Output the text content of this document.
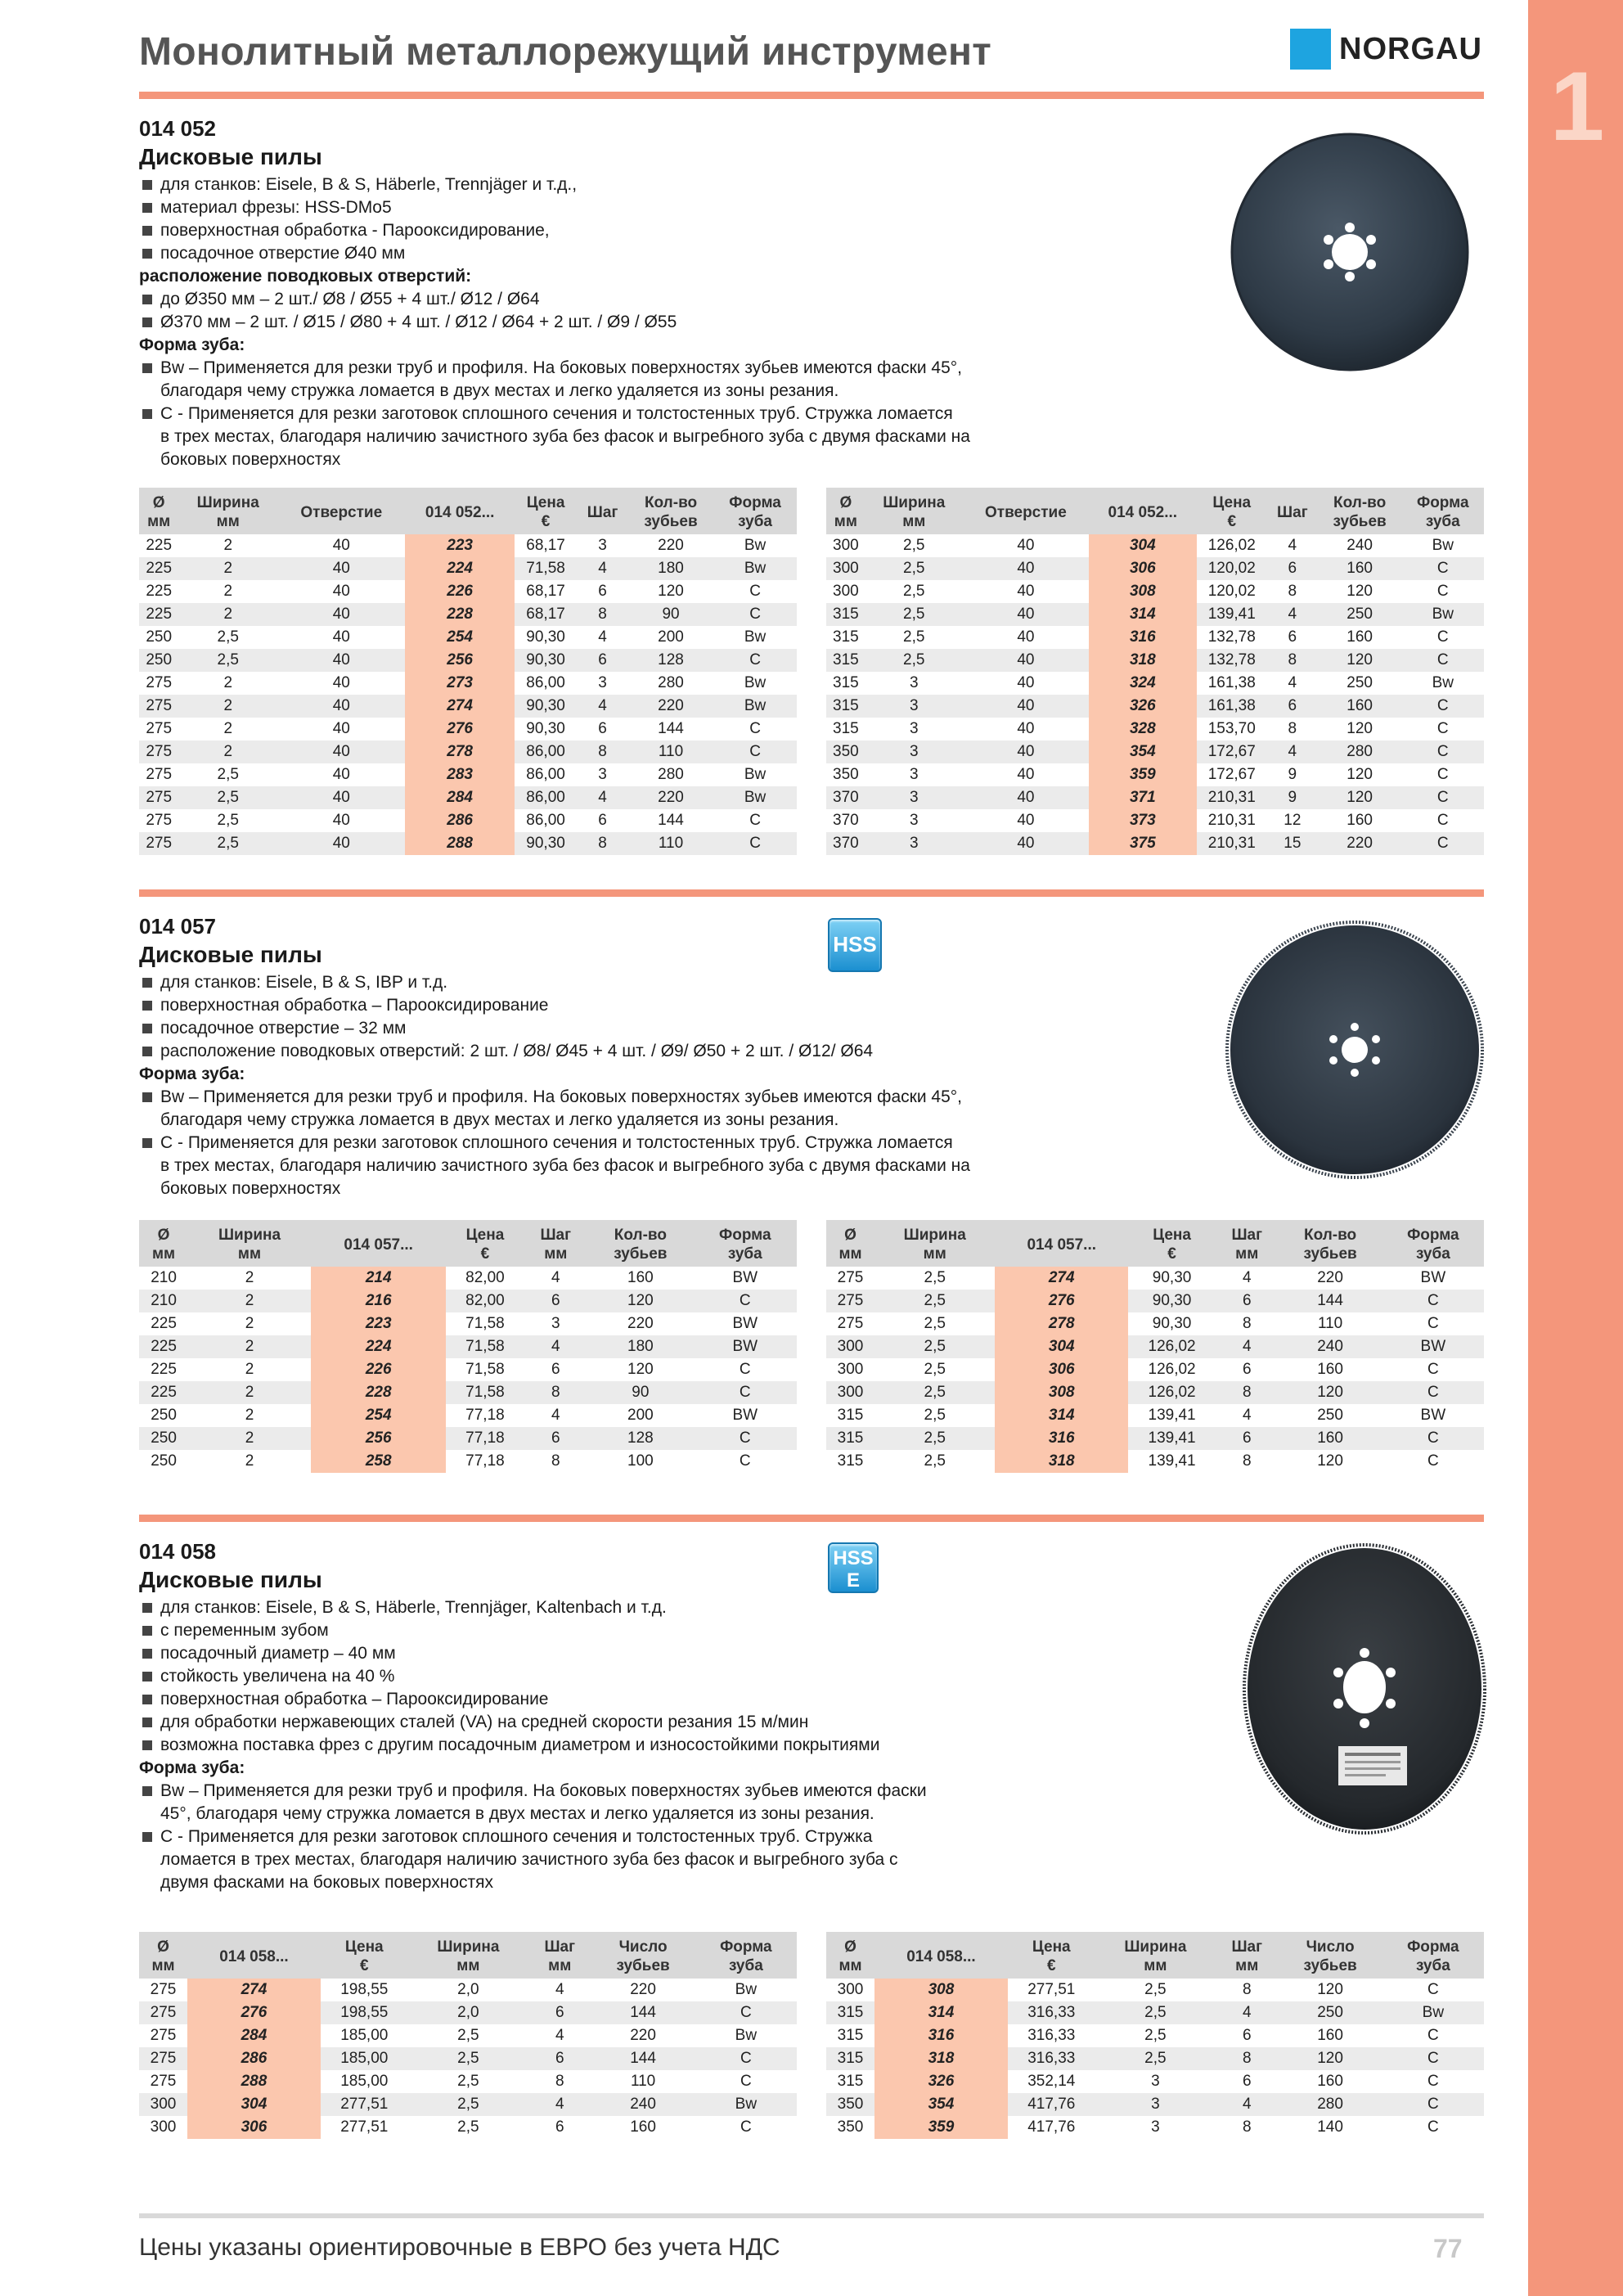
1
Монолитный металлорежущий инструмент	NORGAU

014 052

Дисковые пилы

для станков: Eisele, B & S, Häberle, Trennjäger и т.д.,

материал фрезы: HSS-DMo5

поверхностная обработка - Парооксидирование,

посадочное отверстие Ø40 мм

расположение поводковых отверстий:

до Ø350 мм – 2 шт./ Ø8 / Ø55 + 4 шт./ Ø12 / Ø64

Ø370 мм – 2 шт. / Ø15 / Ø80 + 4 шт. / Ø12 / Ø64 + 2 шт. / Ø9 / Ø55

Форма зуба:

Bw – Применяется для резки труб и профиля. На боковых поверхностях зубьев имеются фаски 45°,

благодаря чему стружка ломается в двух местах и легко удаляется из зоны резания.

C - Применяется для резки заготовок сплошного сечения и толстостенных труб. Стружка ломается

в трех местах, благодаря наличию зачистного зуба без фасок и выгребного зуба с двумя фасками на

боковых поверхностях

Ø
мм	Ширина
мм	Отверстие	014 052...	Цена
€	Шаг	Кол-во
зубьев	Форма
зуба
225	2	40	223	68,17	3	220	Bw
225	2	40	224	71,58	4	180	Bw
225	2	40	226	68,17	6	120	C
225	2	40	228	68,17	8	90	C
250	2,5	40	254	90,30	4	200	Bw
250	2,5	40	256	90,30	6	128	C
275	2	40	273	86,00	3	280	Bw
275	2	40	274	90,30	4	220	Bw
275	2	40	276	90,30	6	144	C
275	2	40	278	86,00	8	110	C
275	2,5	40	283	86,00	3	280	Bw
275	2,5	40	284	86,00	4	220	Bw
275	2,5	40	286	86,00	6	144	C
275	2,5	40	288	90,30	8	110	C
Ø
мм	Ширина
мм	Отверстие	014 052...	Цена
€	Шаг	Кол-во
зубьев	Форма
зуба
300	2,5	40	304	126,02	4	240	Bw
300	2,5	40	306	120,02	6	160	C
300	2,5	40	308	120,02	8	120	C
315	2,5	40	314	139,41	4	250	Bw
315	2,5	40	316	132,78	6	160	C
315	2,5	40	318	132,78	8	120	C
315	3	40	324	161,38	4	250	Bw
315	3	40	326	161,38	6	160	C
315	3	40	328	153,70	8	120	C
350	3	40	354	172,67	4	280	C
350	3	40	359	172,67	9	120	C
370	3	40	371	210,31	9	120	C
370	3	40	373	210,31	12	160	C
370	3	40	375	210,31	15	220	C

014 057

Дисковые пилы

для станков: Eisele, B & S, IBP и т.д.

поверхностная обработка – Парооксидирование

посадочное отверстие – 32 мм

расположение поводковых отверстий: 2 шт. / Ø8/ Ø45 + 4 шт. / Ø9/ Ø50 + 2 шт. / Ø12/ Ø64

Форма зуба:

Bw – Применяется для резки труб и профиля. На боковых поверхностях зубьев имеются фаски 45°,

благодаря чему стружка ломается в двух местах и легко удаляется из зоны резания.

C - Применяется для резки заготовок сплошного сечения и толстостенных труб. Стружка ломается

в трех местах, благодаря наличию зачистного зуба без фасок и выгребного зуба с двумя фасками на

боковых поверхностях

HSS
Ø
мм	Ширина
мм	014 057...	Цена
€	Шаг
мм	Кол-во
зубьев	Форма
зуба
210	2	214	82,00	4	160	BW
210	2	216	82,00	6	120	C
225	2	223	71,58	3	220	BW
225	2	224	71,58	4	180	BW
225	2	226	71,58	6	120	C
225	2	228	71,58	8	90	C
250	2	254	77,18	4	200	BW
250	2	256	77,18	6	128	C
250	2	258	77,18	8	100	C
Ø
мм	Ширина
мм	014 057...	Цена
€	Шаг
мм	Кол-во
зубьев	Форма
зуба
275	2,5	274	90,30	4	220	BW
275	2,5	276	90,30	6	144	C
275	2,5	278	90,30	8	110	C
300	2,5	304	126,02	4	240	BW
300	2,5	306	126,02	6	160	C
300	2,5	308	126,02	8	120	C
315	2,5	314	139,41	4	250	BW
315	2,5	316	139,41	6	160	C
315	2,5	318	139,41	8	120	C

014 058

Дисковые пилы

для станков: Eisele, B & S, Häberle, Trennjäger, Kaltenbach и т.д.

с переменным зубом

посадочный диаметр – 40 мм

стойкость увеличена на 40 %

поверхностная обработка – Парооксидирование

для обработки нержавеющих сталей (VA) на средней скорости резания 15 м/мин

возможна поставка фрез с другим посадочным диаметром и износостойкими покрытиями

Форма зуба:

Bw – Применяется для резки труб и профиля. На боковых поверхностях зубьев имеются фаски

45°, благодаря чему стружка ломается в двух местах и легко удаляется из зоны резания.

C - Применяется для резки заготовок сплошного сечения и толстостенных труб. Стружка

ломается в трех местах, благодаря наличию зачистного зуба без фасок и выгребного зуба с

двумя фасками на боковых поверхностях

HSS
E
Ø
мм	014 058...	Цена
€	Ширина
мм	Шаг
мм	Число
зубьев	Форма
зуба
275	274	198,55	2,0	4	220	Bw
275	276	198,55	2,0	6	144	C
275	284	185,00	2,5	4	220	Bw
275	286	185,00	2,5	6	144	C
275	288	185,00	2,5	8	110	C
300	304	277,51	2,5	4	240	Bw
300	306	277,51	2,5	6	160	C
Ø
мм	014 058...	Цена
€	Ширина
мм	Шаг
мм	Число
зубьев	Форма
зуба
300	308	277,51	2,5	8	120	C
315	314	316,33	2,5	4	250	Bw
315	316	316,33	2,5	6	160	C
315	318	316,33	2,5	8	120	C
315	326	352,14	3	6	160	C
350	354	417,76	3	4	280	C
350	359	417,76	3	8	140	C
Цены указаны ориентировочные в ЕВРО без учета НДС	77
